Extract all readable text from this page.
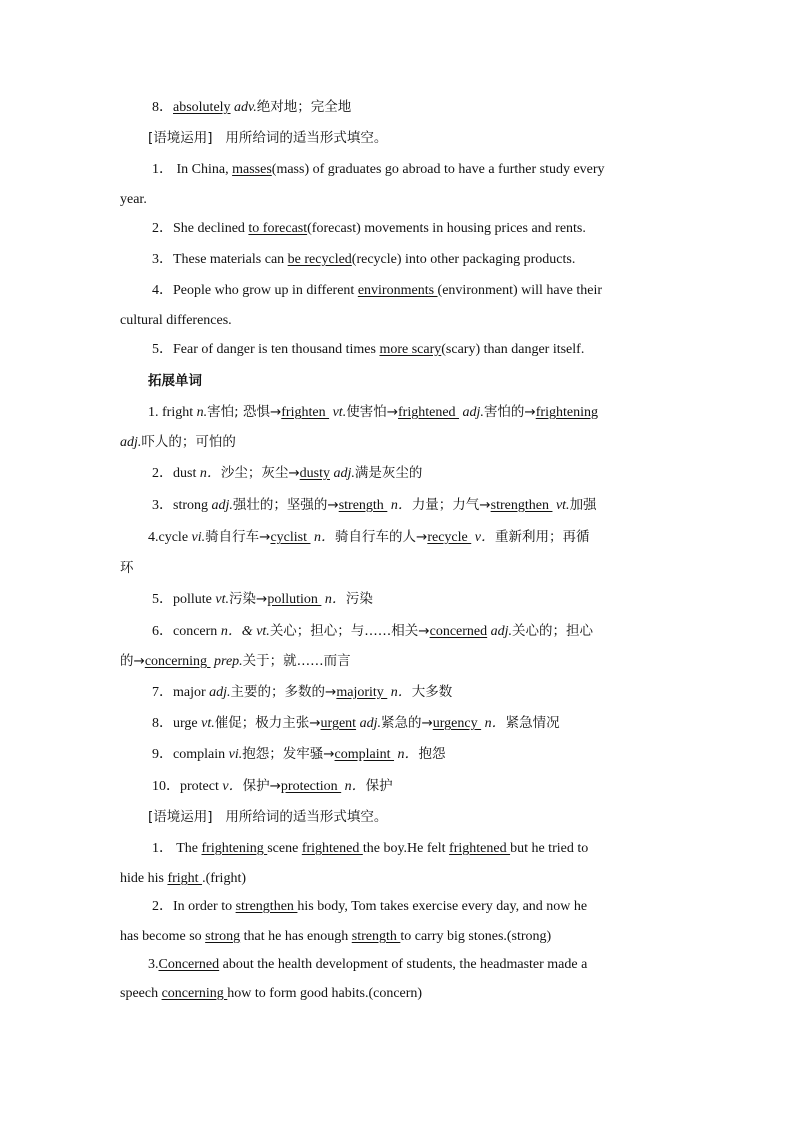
8．absolutely adv.绝对地；完全地
[语境运用] 用所给词的适当形式填空。
1． In China, masses(mass) of graduates go abroad to have a further study every
year.
2．She declined to forecast(forecast) movements in housing prices and rents.
3．These materials can be recycled(recycle) into other packaging products.
4．People who grow up in different environments (environment) will have their
cultural differences.
5．Fear of danger is ten thousand times more scary(scary) than danger itself.
拓展单词
1. fright n.害怕; 恐惧→frighten  vt.使害怕→frightened  adj.害怕的→frightening
adj.吓人的；可怕的
2．dust n．沙尘；灰尘→dusty adj.满是灰尘的
3．strong adj.强壮的；坚强的→strength  n．力量；力气→strengthen  vt.加强
4.cycle vi.骑自行车→cyclist  n．骑自行车的人→recycle  v．重新利用；再循
环
5．pollute vt.污染→pollution  n．污染
6．concern n．& vt.关心；担心；与……相关→concerned adj.关心的；担心
的→concerning  prep.关于；就……而言
7．major adj.主要的；多数的→majority  n．大多数
8．urge vt.催促；极力主张→urgent adj.紧急的→urgency  n．紧急情况
9．complain vi.抱怨；发牢骚→complaint  n．抱怨
10．protect v．保护→protection  n．保护
[语境运用] 用所给词的适当形式填空。
1． The frightening scene frightened the boy.He felt frightened but he tried to
hide his fright .(fright)
2．In order to strengthen his body, Tom takes exercise every day, and now he
has become so strong that he has enough strength to carry big stones.(strong)
3.Concerned about the health development of students, the headmaster made a
speech concerning how to form good habits.(concern)
